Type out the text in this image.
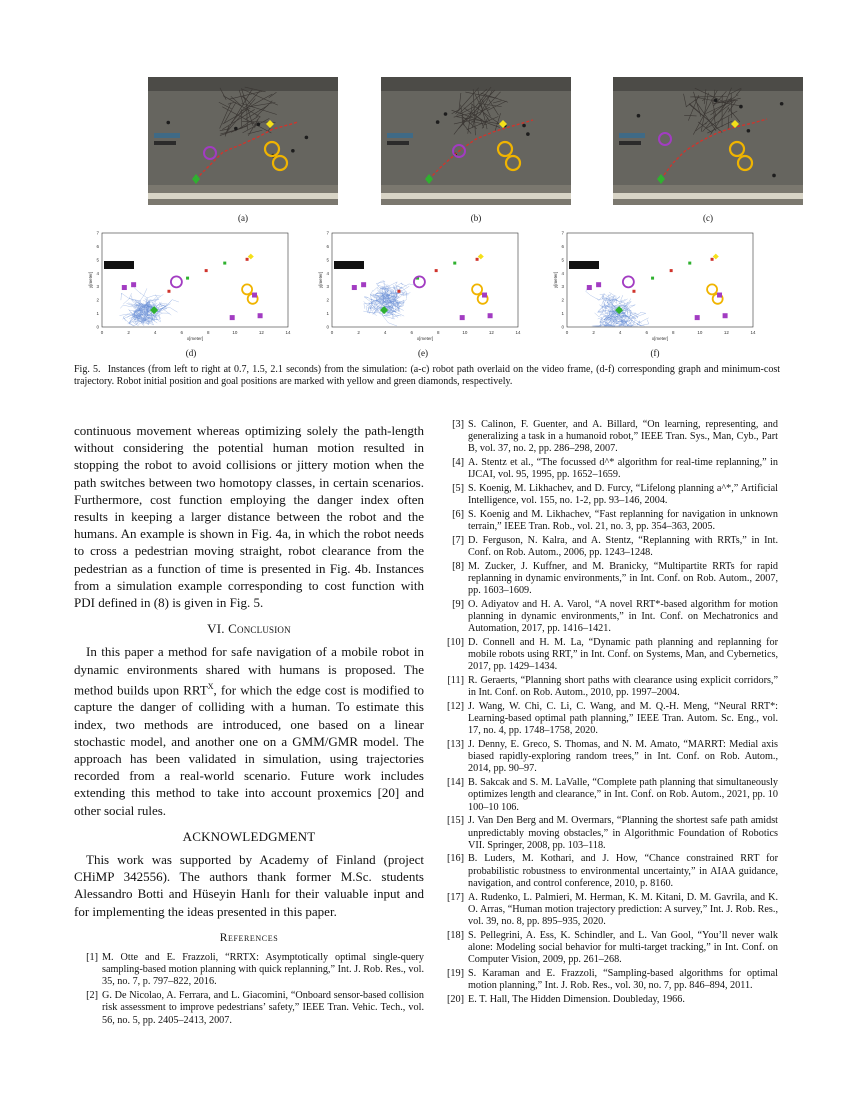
(a)	(b)	(c)
0	2	4	6	8	10	12	14
0
1
2
3
4
5
6
7
x[meter]
y[meter]
0	2	4	6	8	10	12	14
0
1
2
3
4
5
6
7
x[meter]
y[meter]
0	2	4	6	8	10	12	14
0
1
2
3
4
5
6
7
x[meter]
y[meter]
(d)	(e)	(f)
Fig. 5. Instances (from left to right at 0.7, 1.5, 2.1 seconds) from the simulation: (a-c) robot path overlaid on the video frame, (d-f) corresponding graph and minimum-cost trajectory. Robot initial position and goal positions are marked with yellow and green diamonds, respectively.

continuous movement whereas optimizing solely the path-length without considering the potential human motion resulted in stopping the robot to avoid collisions or jittery motion when the path switches between two homotopy classes, in certain scenarios. Furthermore, cost function employing the danger index often results in keeping a larger distance between the robot and the humans. An example is shown in Fig. 4a, in which the robot needs to cross a pedestrian moving straight, robot clearance from the pedestrian as a function of time is presented in Fig. 4b. Instances from a simulation example corresponding to cost function with PDI defined in (8) is given in Fig. 5.

VI. Conclusion

In this paper a method for safe navigation of a mobile robot in dynamic environments shared with humans is proposed. The method builds upon $RRT^X$, for which the edge cost is modified to capture the danger of colliding with a human. To estimate this index, two methods are introduced, one based on a linear stochastic model, and another one on a GMM/GMR model. The approach has been validated in simulation, using trajectories recorded from a real-world scenario. Future work includes extending this method to take into account proxemics [20] and other social rules.

ACKNOWLEDGMENT

This work was supported by Academy of Finland (project CHiMP 342556). The authors thank former M.Sc. students Alessandro Botti and Hüseyin Hanlı for their valuable input and for implementing the ideas presented in this paper.

References
[1] M. Otte and E. Frazzoli, “RRTX: Asymptotically optimal single-query sampling-based motion planning with quick replanning,” Int. J. Rob. Res., vol. 35, no. 7, p. 797–822, 2016.
[2] G. De Nicolao, A. Ferrara, and L. Giacomini, “Onboard sensor-based collision risk assessment to improve pedestrians’ safety,” IEEE Tran. Vehic. Tech., vol. 56, no. 5, pp. 2405–2413, 2007.
[3] S. Calinon, F. Guenter, and A. Billard, “On learning, representing, and generalizing a task in a humanoid robot,” IEEE Tran. Sys., Man, Cyb., Part B, vol. 37, no. 2, pp. 286–298, 2007.
[4] A. Stentz et al., “The focussed d^* algorithm for real-time replanning,” in IJCAI, vol. 95, 1995, pp. 1652–1659.
[5] S. Koenig, M. Likhachev, and D. Furcy, “Lifelong planning a^*,” Artificial Intelligence, vol. 155, no. 1-2, pp. 93–146, 2004.
[6] S. Koenig and M. Likhachev, “Fast replanning for navigation in unknown terrain,” IEEE Tran. Rob., vol. 21, no. 3, pp. 354–363, 2005.
[7] D. Ferguson, N. Kalra, and A. Stentz, “Replanning with RRTs,” in Int. Conf. on Rob. Autom., 2006, pp. 1243–1248.
[8] M. Zucker, J. Kuffner, and M. Branicky, “Multipartite RRTs for rapid replanning in dynamic environments,” in Int. Conf. on Rob. Autom., 2007, pp. 1603–1609.
[9] O. Adiyatov and H. A. Varol, “A novel RRT*-based algorithm for motion planning in dynamic environments,” in Int. Conf. on Mechatronics and Automation, 2017, pp. 1416–1421.
[10] D. Connell and H. M. La, “Dynamic path planning and replanning for mobile robots using RRT,” in Int. Conf. on Systems, Man, and Cybernetics, 2017, pp. 1429–1434.
[11] R. Geraerts, “Planning short paths with clearance using explicit corridors,” in Int. Conf. on Rob. Autom., 2010, pp. 1997–2004.
[12] J. Wang, W. Chi, C. Li, C. Wang, and M. Q.-H. Meng, “Neural RRT*: Learning-based optimal path planning,” IEEE Tran. Autom. Sc. Eng., vol. 17, no. 4, pp. 1748–1758, 2020.
[13] J. Denny, E. Greco, S. Thomas, and N. M. Amato, “MARRT: Medial axis biased rapidly-exploring random trees,” in Int. Conf. on Rob. Autom., 2014, pp. 90–97.
[14] B. Sakcak and S. M. LaValle, “Complete path planning that simultaneously optimizes length and clearance,” in Int. Conf. on Rob. Autom., 2021, pp. 10 100–10 106.
[15] J. Van Den Berg and M. Overmars, “Planning the shortest safe path amidst unpredictably moving obstacles,” in Algorithmic Foundation of Robotics VII. Springer, 2008, pp. 103–118.
[16] B. Luders, M. Kothari, and J. How, “Chance constrained RRT for probabilistic robustness to environmental uncertainty,” in AIAA guidance, navigation, and control conference, 2010, p. 8160.
[17] A. Rudenko, L. Palmieri, M. Herman, K. M. Kitani, D. M. Gavrila, and K. O. Arras, “Human motion trajectory prediction: A survey,” Int. J. Rob. Res., vol. 39, no. 8, pp. 895–935, 2020.
[18] S. Pellegrini, A. Ess, K. Schindler, and L. Van Gool, “You’ll never walk alone: Modeling social behavior for multi-target tracking,” in Int. Conf. on Computer Vision, 2009, pp. 261–268.
[19] S. Karaman and E. Frazzoli, “Sampling-based algorithms for optimal motion planning,” Int. J. Rob. Res., vol. 30, no. 7, pp. 846–894, 2011.
[20] E. T. Hall, The Hidden Dimension. Doubleday, 1966.
